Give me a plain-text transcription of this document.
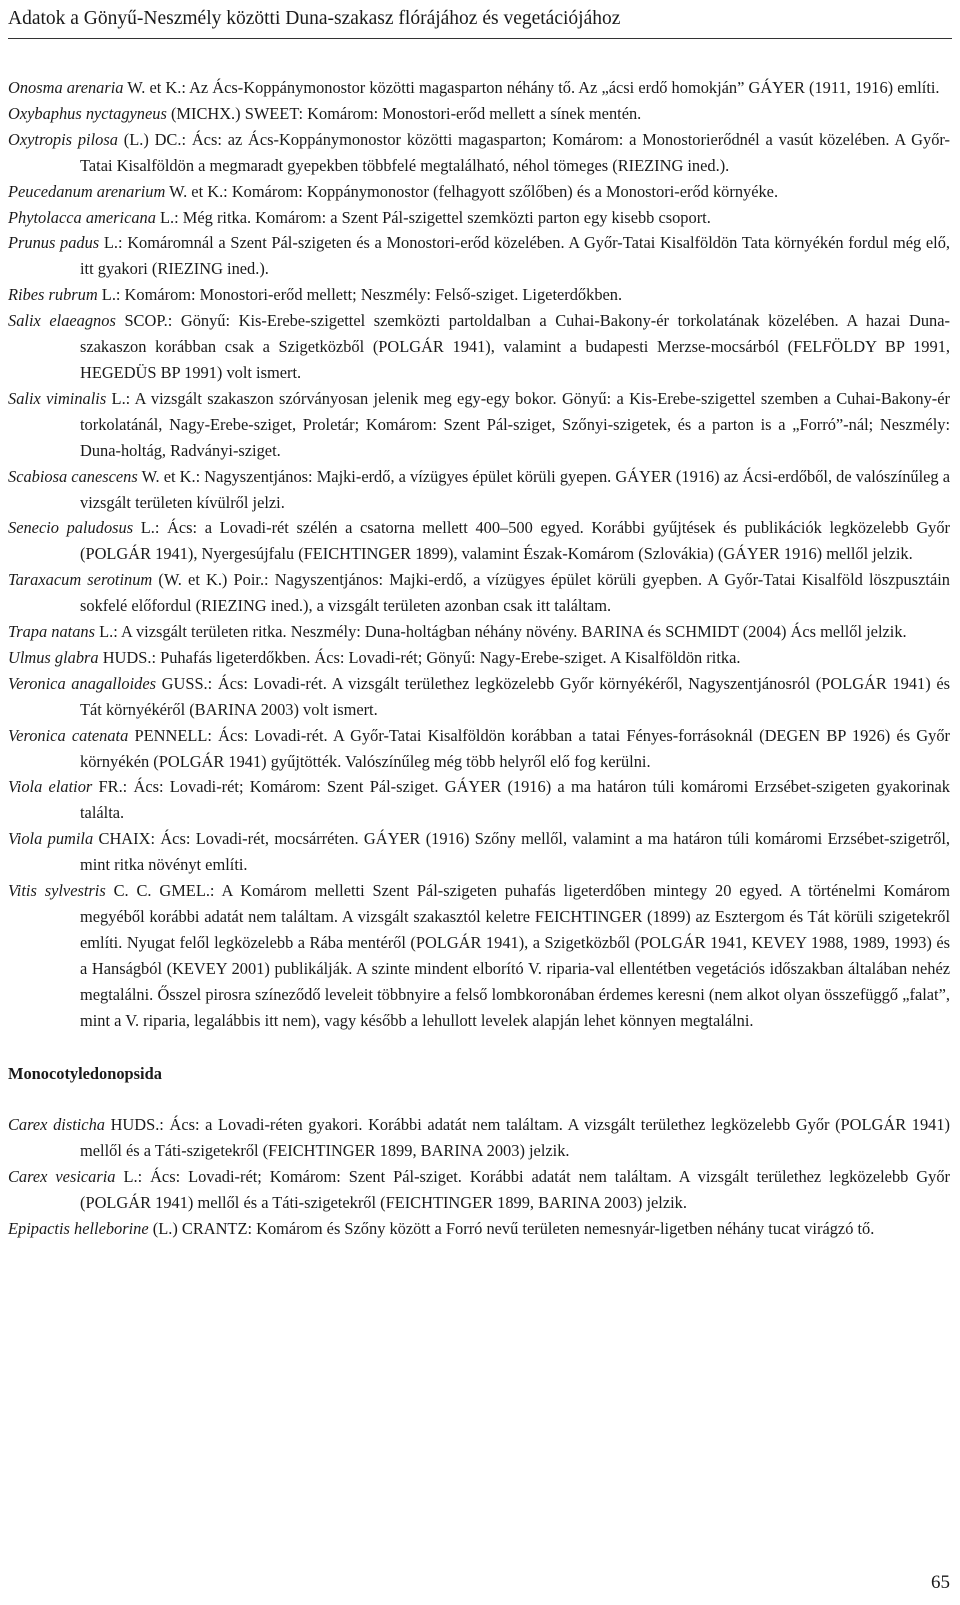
Adatok a Gönyű-Neszmély közötti Duna-szakasz flórájához és vegetációjához

Onosma arenaria W. et K.: Az Ács-Koppánymonostor közötti magasparton néhány tő. Az „ácsi erdő homokján” GÁYER (1911, 1916) említi.

Oxybaphus nyctagyneus (MICHX.) SWEET: Komárom: Monostori-erőd mellett a sínek mentén.

Oxytropis pilosa (L.) DC.: Ács: az Ács-Koppánymonostor közötti magasparton; Komárom: a Monostorierődnél a vasút közelében. A Győr-Tatai Kisalföldön a megmaradt gyepekben többfelé megtalálható, néhol tömeges (RIEZING ined.).

Peucedanum arenarium W. et K.: Komárom: Koppánymonostor (felhagyott szőlőben) és a Monostori-erőd környéke.

Phytolacca americana L.: Még ritka. Komárom: a Szent Pál-szigettel szemközti parton egy kisebb csoport.

Prunus padus L.: Komáromnál a Szent Pál-szigeten és a Monostori-erőd közelében. A Győr-Tatai Kisalföldön Tata környékén fordul még elő, itt gyakori (RIEZING ined.).

Ribes rubrum L.: Komárom: Monostori-erőd mellett; Neszmély: Felső-sziget. Ligeterdőkben.

Salix elaeagnos SCOP.: Gönyű: Kis-Erebe-szigettel szemközti partoldalban a Cuhai-Bakony-ér torkolatának közelében. A hazai Duna-szakaszon korábban csak a Szigetközből (POLGÁR 1941), valamint a budapesti Merzse-mocsárból (FELFÖLDY BP 1991, HEGEDÜS BP 1991) volt ismert.

Salix viminalis L.: A vizsgált szakaszon szórványosan jelenik meg egy-egy bokor. Gönyű: a Kis-Erebe-szigettel szemben a Cuhai-Bakony-ér torkolatánál, Nagy-Erebe-sziget, Proletár; Komárom: Szent Pál-sziget, Szőnyi-szigetek, és a parton is a „Forró”-nál; Neszmély: Duna-holtág, Radványi-sziget.

Scabiosa canescens W. et K.: Nagyszentjános: Majki-erdő, a vízügyes épület körüli gyepen. GÁYER (1916) az Ácsi-erdőből, de valószínűleg a vizsgált területen kívülről jelzi.

Senecio paludosus L.: Ács: a Lovadi-rét szélén a csatorna mellett 400–500 egyed. Korábbi gyűjtések és publikációk legközelebb Győr (POLGÁR 1941), Nyergesújfalu (FEICHTINGER 1899), valamint Észak-Komárom (Szlovákia) (GÁYER 1916) mellől jelzik.

Taraxacum serotinum (W. et K.) Poir.: Nagyszentjános: Majki-erdő, a vízügyes épület körüli gyepben. A Győr-Tatai Kisalföld löszpusztáin sokfelé előfordul (RIEZING ined.), a vizsgált területen azonban csak itt találtam.

Trapa natans L.: A vizsgált területen ritka. Neszmély: Duna-holtágban néhány növény. BARINA és SCHMIDT (2004) Ács mellől jelzik.

Ulmus glabra HUDS.: Puhafás ligeterdőkben. Ács: Lovadi-rét; Gönyű: Nagy-Erebe-sziget. A Kisalföldön ritka.

Veronica anagalloides GUSS.: Ács: Lovadi-rét. A vizsgált területhez legközelebb Győr környékéről, Nagyszentjánosról (POLGÁR 1941) és Tát környékéről (BARINA 2003) volt ismert.

Veronica catenata PENNELL: Ács: Lovadi-rét. A Győr-Tatai Kisalföldön korábban a tatai Fényes-forrásoknál (DEGEN BP 1926) és Győr környékén (POLGÁR 1941) gyűjtötték. Valószínűleg még több helyről elő fog kerülni.

Viola elatior FR.: Ács: Lovadi-rét; Komárom: Szent Pál-sziget. GÁYER (1916) a ma határon túli komáromi Erzsébet-szigeten gyakorinak találta.

Viola pumila CHAIX: Ács: Lovadi-rét, mocsárréten. GÁYER (1916) Szőny mellől, valamint a ma határon túli komáromi Erzsébet-szigetről, mint ritka növényt említi.

Vitis sylvestris C. C. GMEL.: A Komárom melletti Szent Pál-szigeten puhafás ligeterdőben mintegy 20 egyed. A történelmi Komárom megyéből korábbi adatát nem találtam. A vizsgált szakasztól keletre FEICHTINGER (1899) az Esztergom és Tát körüli szigetekről említi. Nyugat felől legközelebb a Rába mentéről (POLGÁR 1941), a Szigetközből (POLGÁR 1941, KEVEY 1988, 1989, 1993) és a Hanságból (KEVEY 2001) publikálják. A szinte mindent elborító V. riparia-val ellentétben vegetációs időszakban általában nehéz megtalálni. Ősszel pirosra színeződő leveleit többnyire a felső lombkoronában érdemes keresni (nem alkot olyan összefüggő „falat”, mint a V. riparia, legalábbis itt nem), vagy később a lehullott levelek alapján lehet könnyen megtalálni.

Monocotyledonopsida

Carex disticha HUDS.: Ács: a Lovadi-réten gyakori. Korábbi adatát nem találtam. A vizsgált területhez legközelebb Győr (POLGÁR 1941) mellől és a Táti-szigetekről (FEICHTINGER 1899, BARINA 2003) jelzik.

Carex vesicaria L.: Ács: Lovadi-rét; Komárom: Szent Pál-sziget. Korábbi adatát nem találtam. A vizsgált területhez legközelebb Győr (POLGÁR 1941) mellől és a Táti-szigetekről (FEICHTINGER 1899, BARINA 2003) jelzik.

Epipactis helleborine (L.) CRANTZ: Komárom és Szőny között a Forró nevű területen nemesnyár-ligetben néhány tucat virágzó tő.

65
